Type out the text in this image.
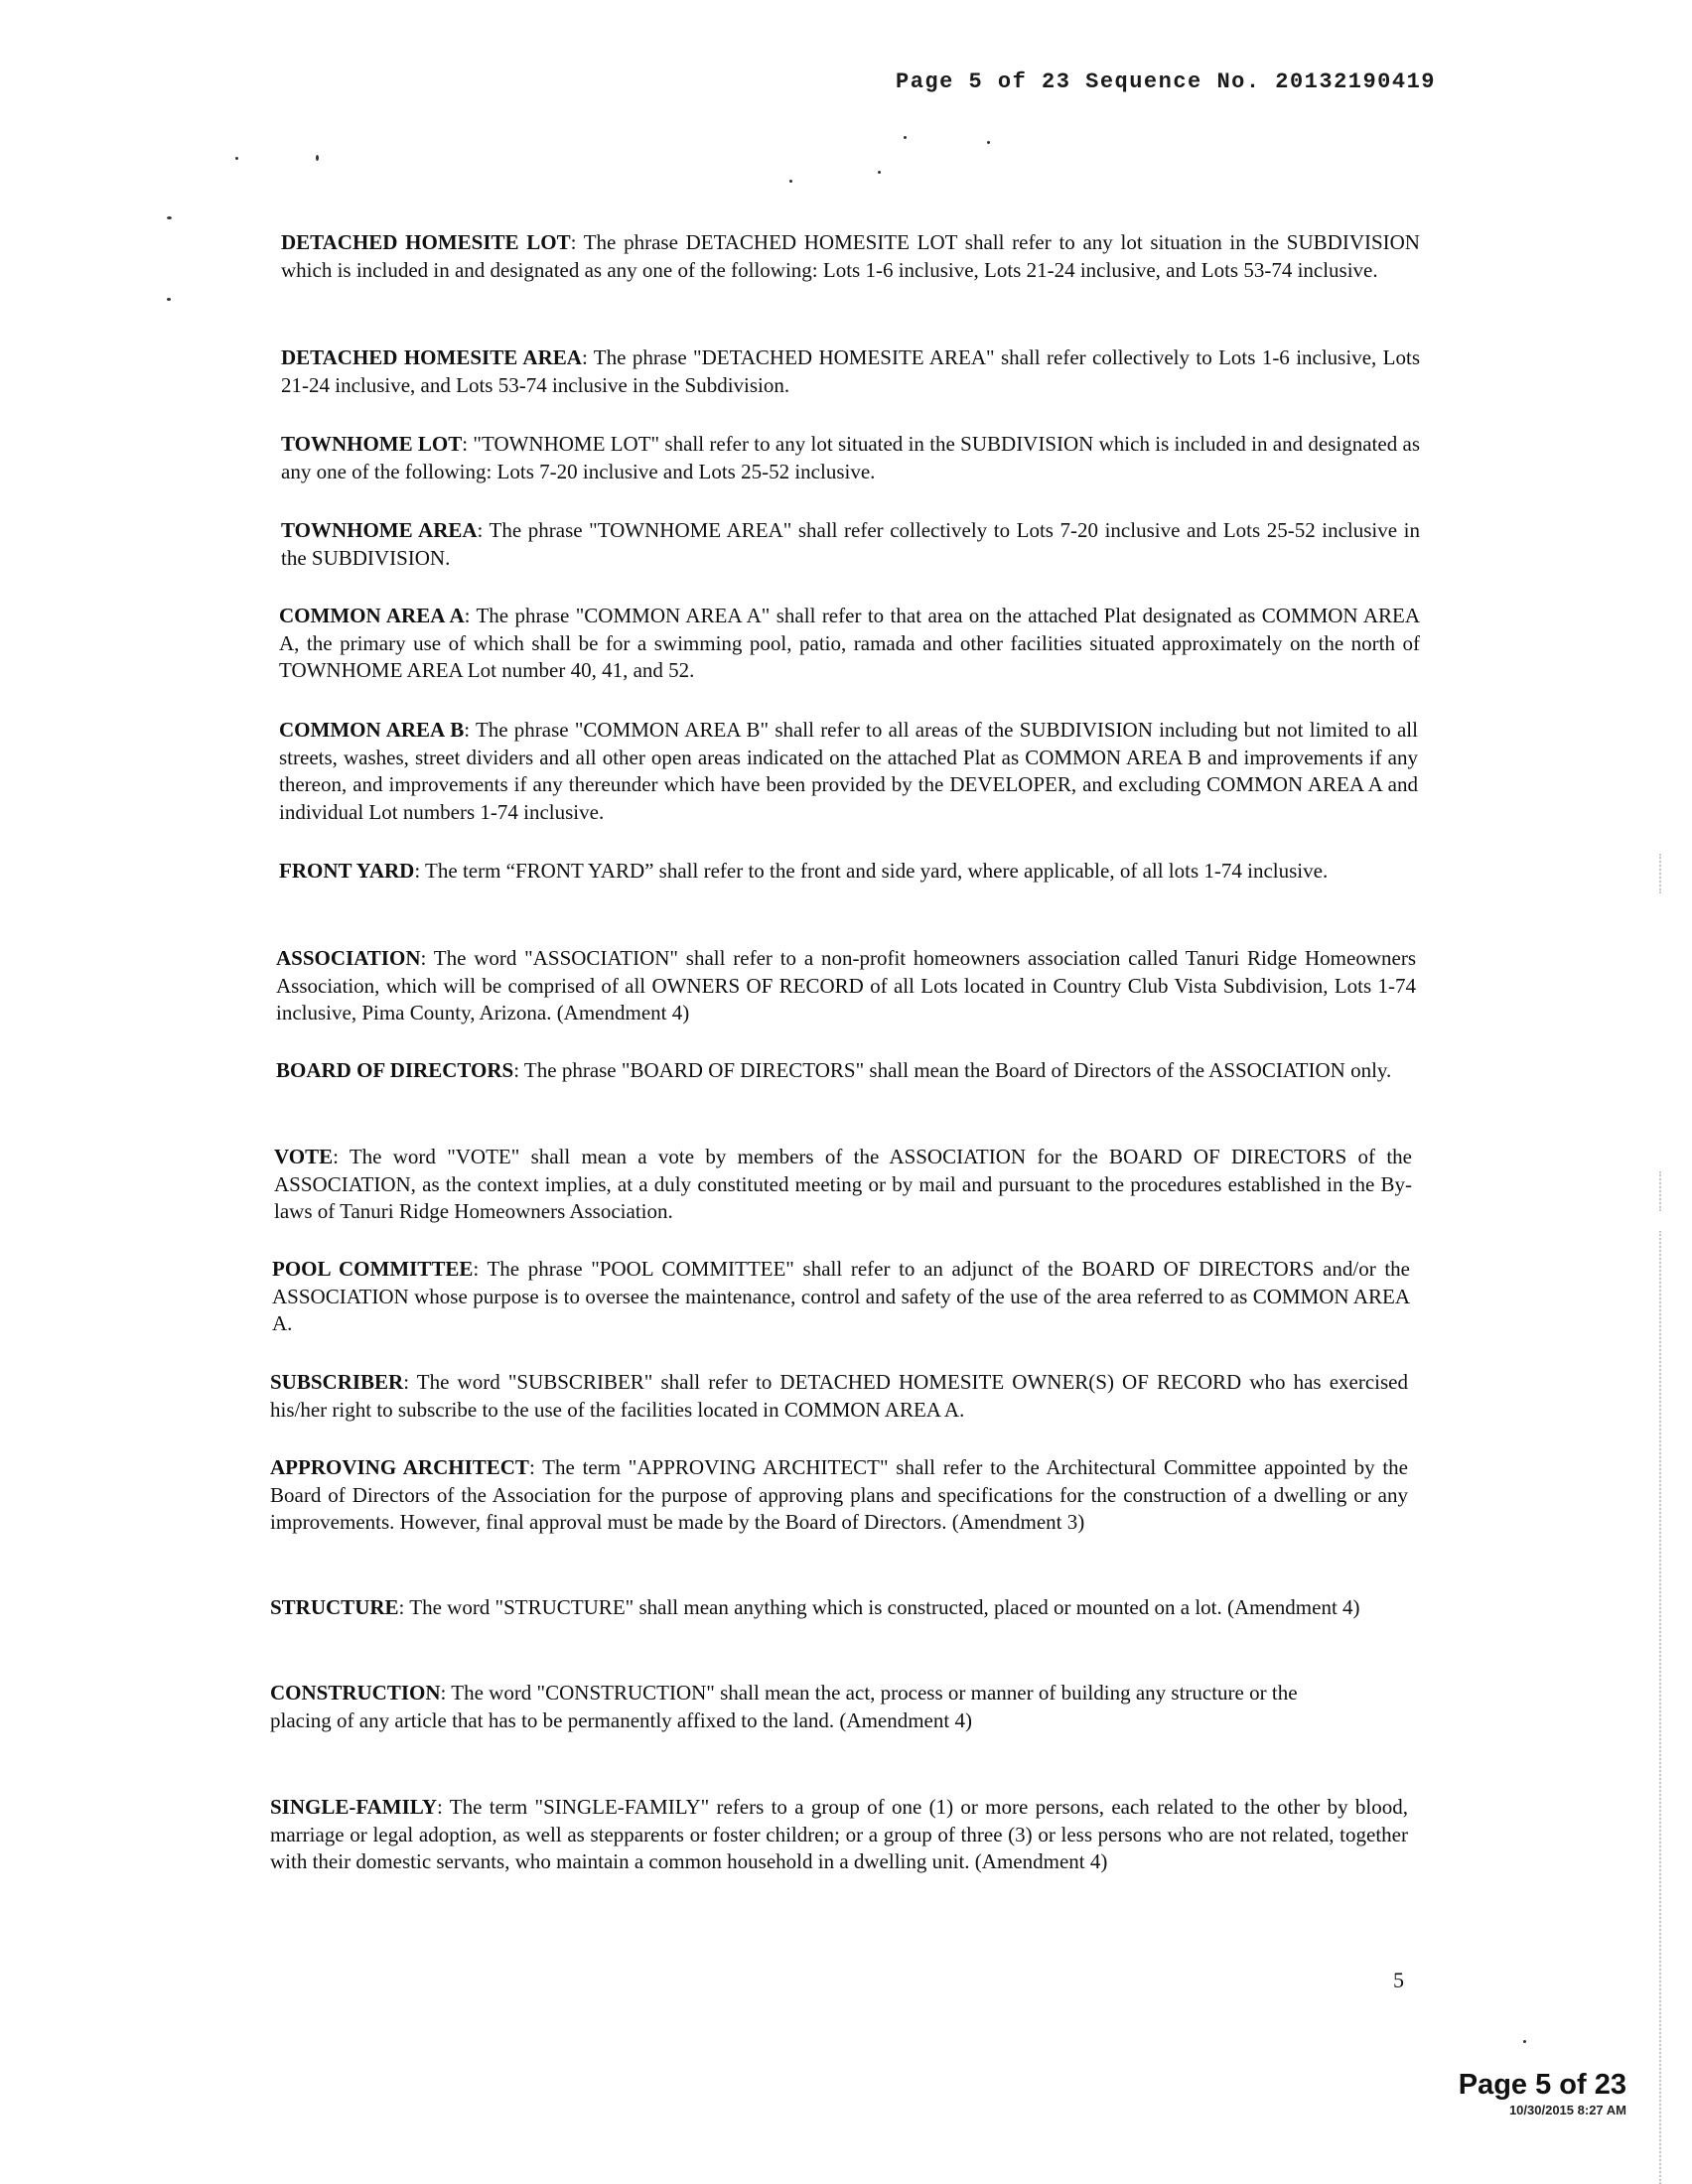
Page 5 of 23 Sequence No. 20132190419

DETACHED HOMESITE LOT: The phrase DETACHED HOMESITE LOT shall refer to any lot situation in the SUBDIVISION which is included in and designated as any one of the following: Lots 1-6 inclusive, Lots 21-24 inclusive, and Lots 53-74 inclusive.

DETACHED HOMESITE AREA: The phrase "DETACHED HOMESITE AREA" shall refer collectively to Lots 1-6 inclusive, Lots 21-24 inclusive, and Lots 53-74 inclusive in the Subdivision.

TOWNHOME LOT: "TOWNHOME LOT" shall refer to any lot situated in the SUBDIVISION which is included in and designated as any one of the following: Lots 7-20 inclusive and Lots 25-52 inclusive.

TOWNHOME AREA: The phrase "TOWNHOME AREA" shall refer collectively to Lots 7-20 inclusive and Lots 25-52 inclusive in the SUBDIVISION.

COMMON AREA A: The phrase "COMMON AREA A" shall refer to that area on the attached Plat designated as COMMON AREA A, the primary use of which shall be for a swimming pool, patio, ramada and other facilities situated approximately on the north of TOWNHOME AREA Lot number 40, 41, and 52.

COMMON AREA B: The phrase "COMMON AREA B" shall refer to all areas of the SUBDIVISION including but not limited to all streets, washes, street dividers and all other open areas indicated on the attached Plat as COMMON AREA B and improvements if any thereon, and improvements if any thereunder which have been provided by the DEVELOPER, and excluding COMMON AREA A and individual Lot numbers 1-74 inclusive.

FRONT YARD: The term “FRONT YARD” shall refer to the front and side yard, where applicable, of all lots 1-74 inclusive.

ASSOCIATION: The word "ASSOCIATION" shall refer to a non-profit homeowners association called Tanuri Ridge Homeowners Association, which will be comprised of all OWNERS OF RECORD of all Lots located in Country Club Vista Subdivision, Lots 1-74 inclusive, Pima County, Arizona. (Amendment 4)

BOARD OF DIRECTORS: The phrase "BOARD OF DIRECTORS" shall mean the Board of Directors of the ASSOCIATION only.

VOTE: The word "VOTE" shall mean a vote by members of the ASSOCIATION for the BOARD OF DIRECTORS of the ASSOCIATION, as the context implies, at a duly constituted meeting or by mail and pursuant to the procedures established in the By-laws of Tanuri Ridge Homeowners Association.

POOL COMMITTEE: The phrase "POOL COMMITTEE" shall refer to an adjunct of the BOARD OF DIRECTORS and/or the ASSOCIATION whose purpose is to oversee the maintenance, control and safety of the use of the area referred to as COMMON AREA A.

SUBSCRIBER: The word "SUBSCRIBER" shall refer to DETACHED HOMESITE OWNER(S) OF RECORD who has exercised his/her right to subscribe to the use of the facilities located in COMMON AREA A.

APPROVING ARCHITECT: The term "APPROVING ARCHITECT" shall refer to the Architectural Committee appointed by the Board of Directors of the Association for the purpose of approving plans and specifications for the construction of a dwelling or any improvements. However, final approval must be made by the Board of Directors. (Amendment 3)

STRUCTURE: The word "STRUCTURE" shall mean anything which is constructed, placed or mounted on a lot. (Amendment 4)

CONSTRUCTION: The word "CONSTRUCTION" shall mean the act, process or manner of building any structure or the placing of any article that has to be permanently affixed to the land. (Amendment 4)

SINGLE-FAMILY: The term "SINGLE-FAMILY" refers to a group of one (1) or more persons, each related to the other by blood, marriage or legal adoption, as well as stepparents or foster children; or a group of three (3) or less persons who are not related, together with their domestic servants, who maintain a common household in a dwelling unit. (Amendment 4)

5
Page 5 of 23
10/30/2015 8:27 AM
